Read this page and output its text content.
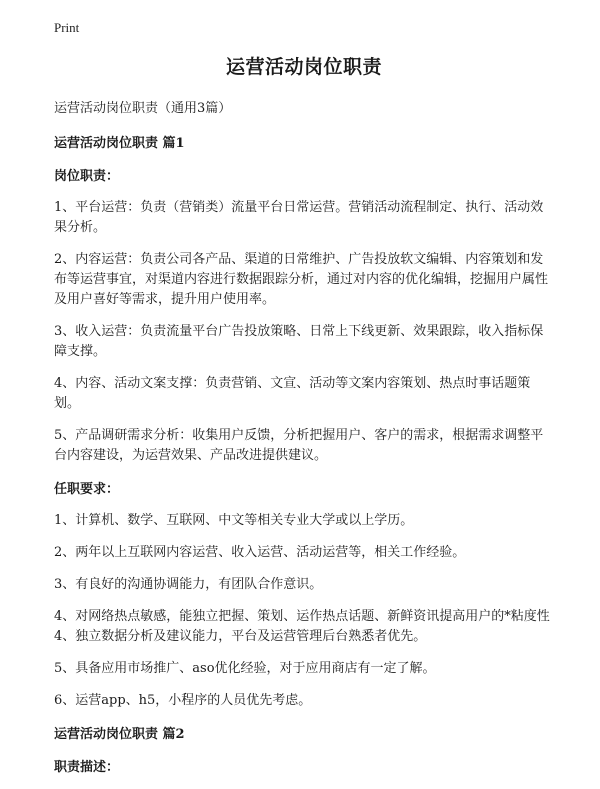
Print
运营活动岗位职责
运营活动岗位职责（通用3篇）
运营活动岗位职责 篇1
岗位职责：
1、平台运营：负责（营销类）流量平台日常运营。营销活动流程制定、执行、活动效果分析。
2、内容运营：负责公司各产品、渠道的日常维护、广告投放软文编辑、内容策划和发布等运营事宜，对渠道内容进行数据跟踪分析，通过对内容的优化编辑，挖掘用户属性及用户喜好等需求，提升用户使用率。
3、收入运营：负责流量平台广告投放策略、日常上下线更新、效果跟踪，收入指标保障支撑。
4、内容、活动文案支撑：负责营销、文宣、活动等文案内容策划、热点时事话题策划。
5、产品调研需求分析：收集用户反馈，分析把握用户、客户的需求，根据需求调整平台内容建设，为运营效果、产品改进提供建议。
任职要求：
1、计算机、数学、互联网、中文等相关专业大学或以上学历。
2、两年以上互联网内容运营、收入运营、活动运营等，相关工作经验。
3、有良好的沟通协调能力，有团队合作意识。
4、对网络热点敏感，能独立把握、策划、运作热点话题、新鲜资讯提高用户的*粘度性4、独立数据分析及建议能力，平台及运营管理后台熟悉者优先。
5、具备应用市场推广、aso优化经验，对于应用商店有一定了解。
6、运营app、h5，小程序的人员优先考虑。
运营活动岗位职责 篇2
职责描述：
